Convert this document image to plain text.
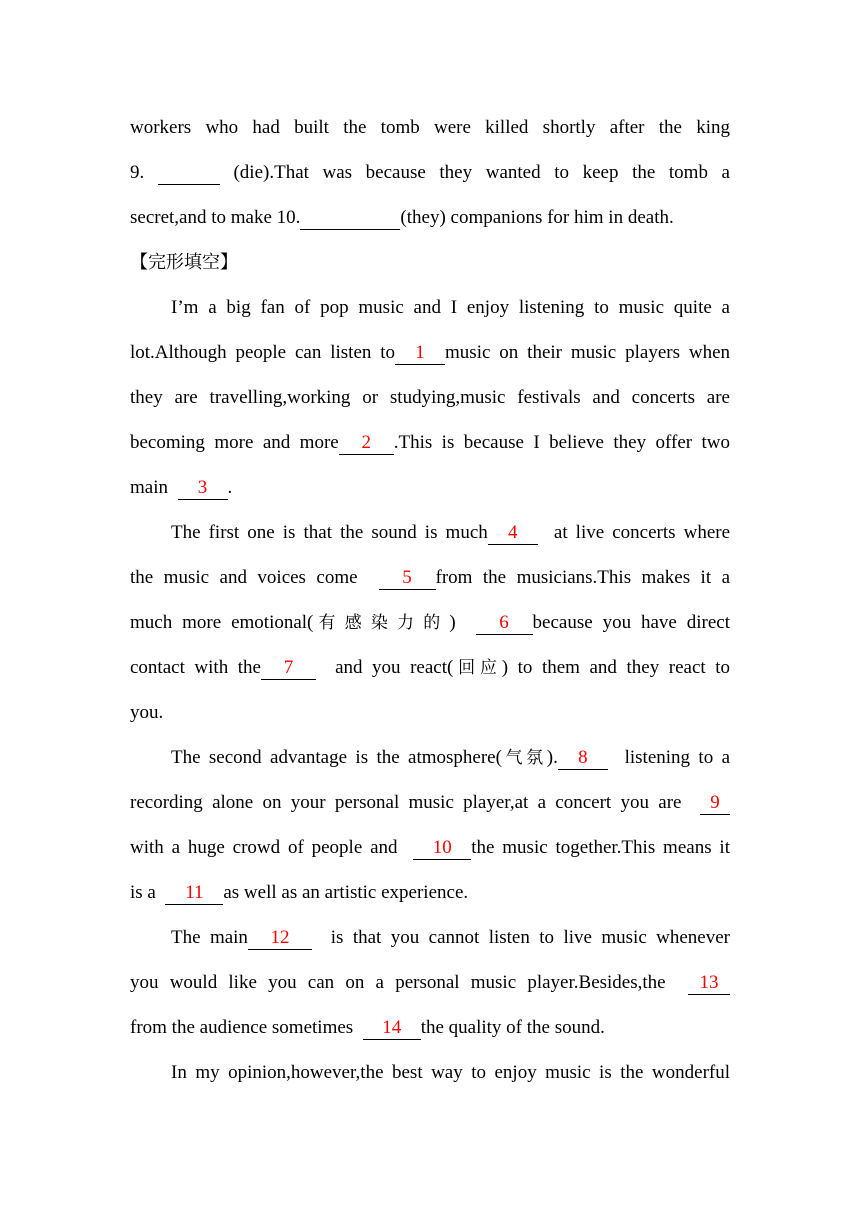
workers who had built the tomb were killed shortly after the king
9.	(die).That was because they wanted to keep the tomb a
secret,and to make 10.	(they) companions for him in death.
【完形填空】
I’m a big fan of pop music and I enjoy listening to music quite a
lot.Although people can listen to 1 music on their music players when
they are travelling,working or studying,music festivals and concerts are
becoming more and more 2 .This is because I believe they offer two
main 3 .
The first one is that the sound is much 4 at live concerts where
the music and voices come 5 from the musicians.This makes it a
much more emotional(有感染力的) 6 because you have direct
contact with the 7 and you react(回应) to them and they react to
you.
The second advantage is the atmosphere(气氛). 8 listening to a
recording alone on your personal music player,at a concert you are 9
with a huge crowd of people and 10 the music together.This means it
is a 11 as well as an artistic experience.
The main 12 is that you cannot listen to live music whenever
you would like you can on a personal music player.Besides,the 13
from the audience sometimes 14 the quality of the sound.
In my opinion,however,the best way to enjoy music is the wonderful
